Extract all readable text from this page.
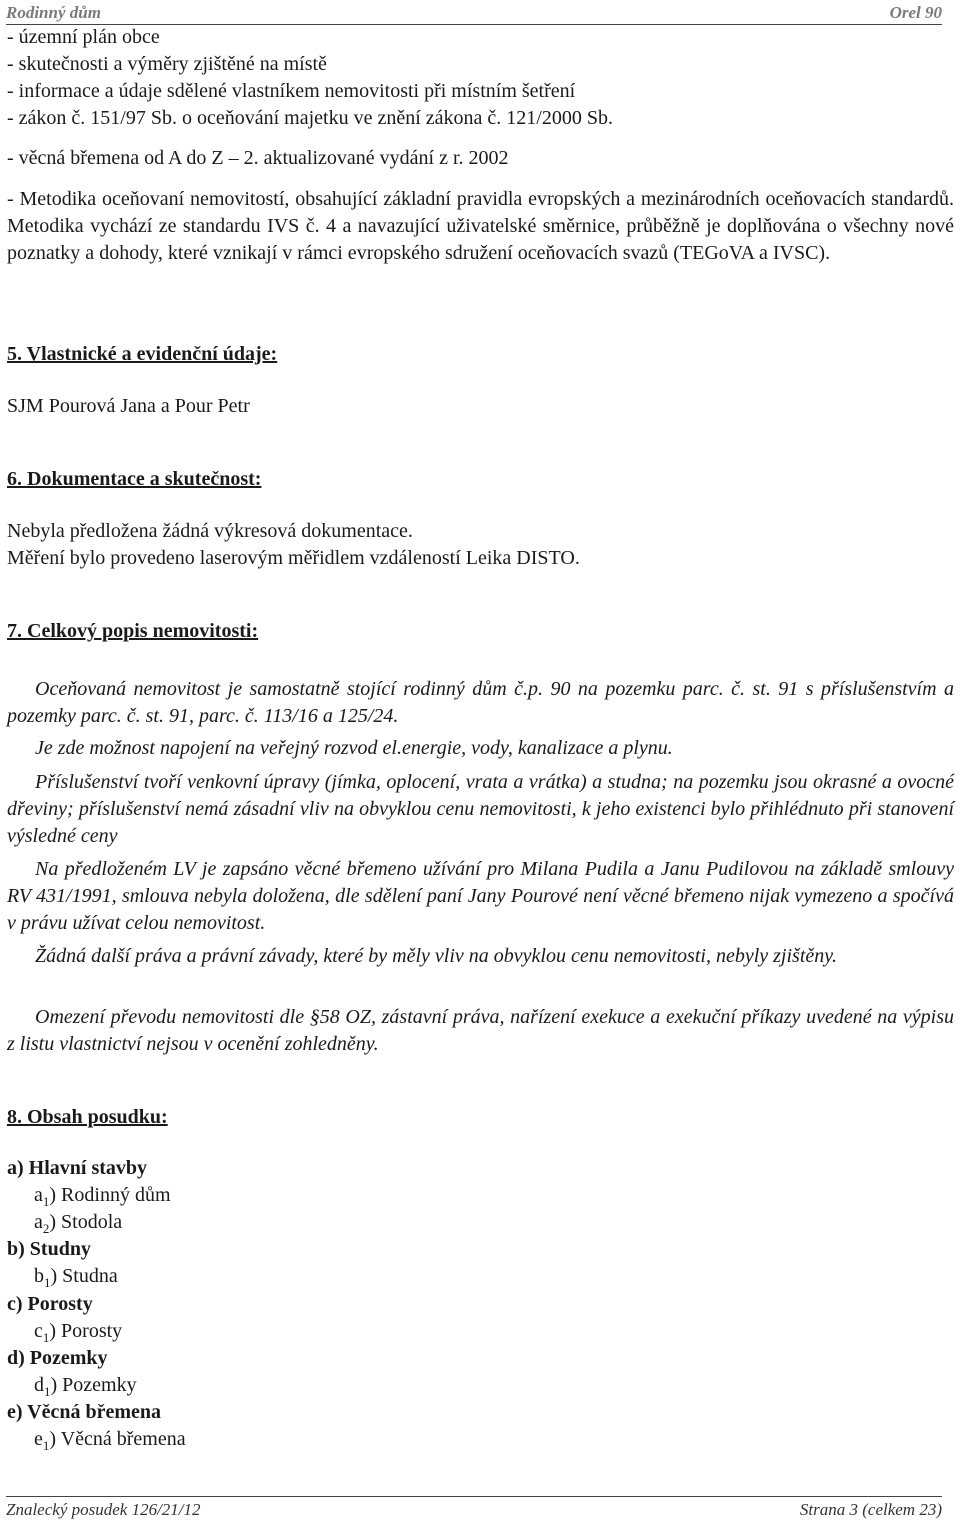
Rodinný dům	Orel 90

- územní plán obce

- skutečnosti a výměry zjištěné na místě

- informace a údaje sdělené vlastníkem nemovitosti při místním šetření

- zákon č. 151/97 Sb. o oceňování majetku ve znění zákona č. 121/2000 Sb.

- věcná břemena od A do Z – 2. aktualizované vydání z r. 2002

- Metodika oceňovaní nemovitostí, obsahující základní pravidla evropských a mezinárodních oceňovacích standardů. Metodika vychází ze standardu IVS č. 4 a navazující uživatelské směrnice, průběžně je doplňována o všechny nové poznatky a dohody, které vznikají v rámci evropského sdružení oceňovacích svazů (TEGoVA a IVSC).

5. Vlastnické a evidenční údaje:

SJM Pourová Jana a Pour Petr

6. Dokumentace a skutečnost:

Nebyla předložena žádná výkresová dokumentace.

Měření bylo provedeno laserovým měřidlem vzdáleností Leika DISTO.

7. Celkový popis nemovitosti:

Oceňovaná nemovitost je samostatně stojící rodinný dům č.p. 90 na pozemku parc. č. st. 91 s příslušenstvím a pozemky parc. č. st. 91, parc. č. 113/16 a 125/24.

Je zde možnost napojení na veřejný rozvod el.energie, vody, kanalizace a plynu.

Příslušenství tvoří venkovní úpravy (jímka, oplocení, vrata a vrátka) a studna; na pozemku jsou okrasné a ovocné dřeviny; příslušenství nemá zásadní vliv na obvyklou cenu nemovitosti, k jeho existenci bylo přihlédnuto při stanovení výsledné ceny

Na předloženém LV je zapsáno věcné břemeno užívání pro Milana Pudila a Janu Pudilovou na základě smlouvy RV 431/1991, smlouva nebyla doložena, dle sdělení paní Jany Pourové není věcné břemeno nijak vymezeno a spočívá v právu užívat celou nemovitost.

Žádná další práva a právní závady, které by měly vliv na obvyklou cenu nemovitosti, nebyly zjištěny.

Omezení převodu nemovitosti dle §58 OZ, zástavní práva, nařízení exekuce a exekuční příkazy uvedené na výpisu z listu vlastnictví nejsou v ocenění zohledněny.

8. Obsah posudku:

a) Hlavní stavby

$a_1$) Rodinný dům

$a_2$) Stodola

b) Studny

$b_1$) Studna

c) Porosty

$c_1$) Porosty

d) Pozemky

$d_1$) Pozemky

e) Věcná břemena

$e_1$) Věcná břemena

Znalecký posudek 126/21/12	Strana 3 (celkem 23)
